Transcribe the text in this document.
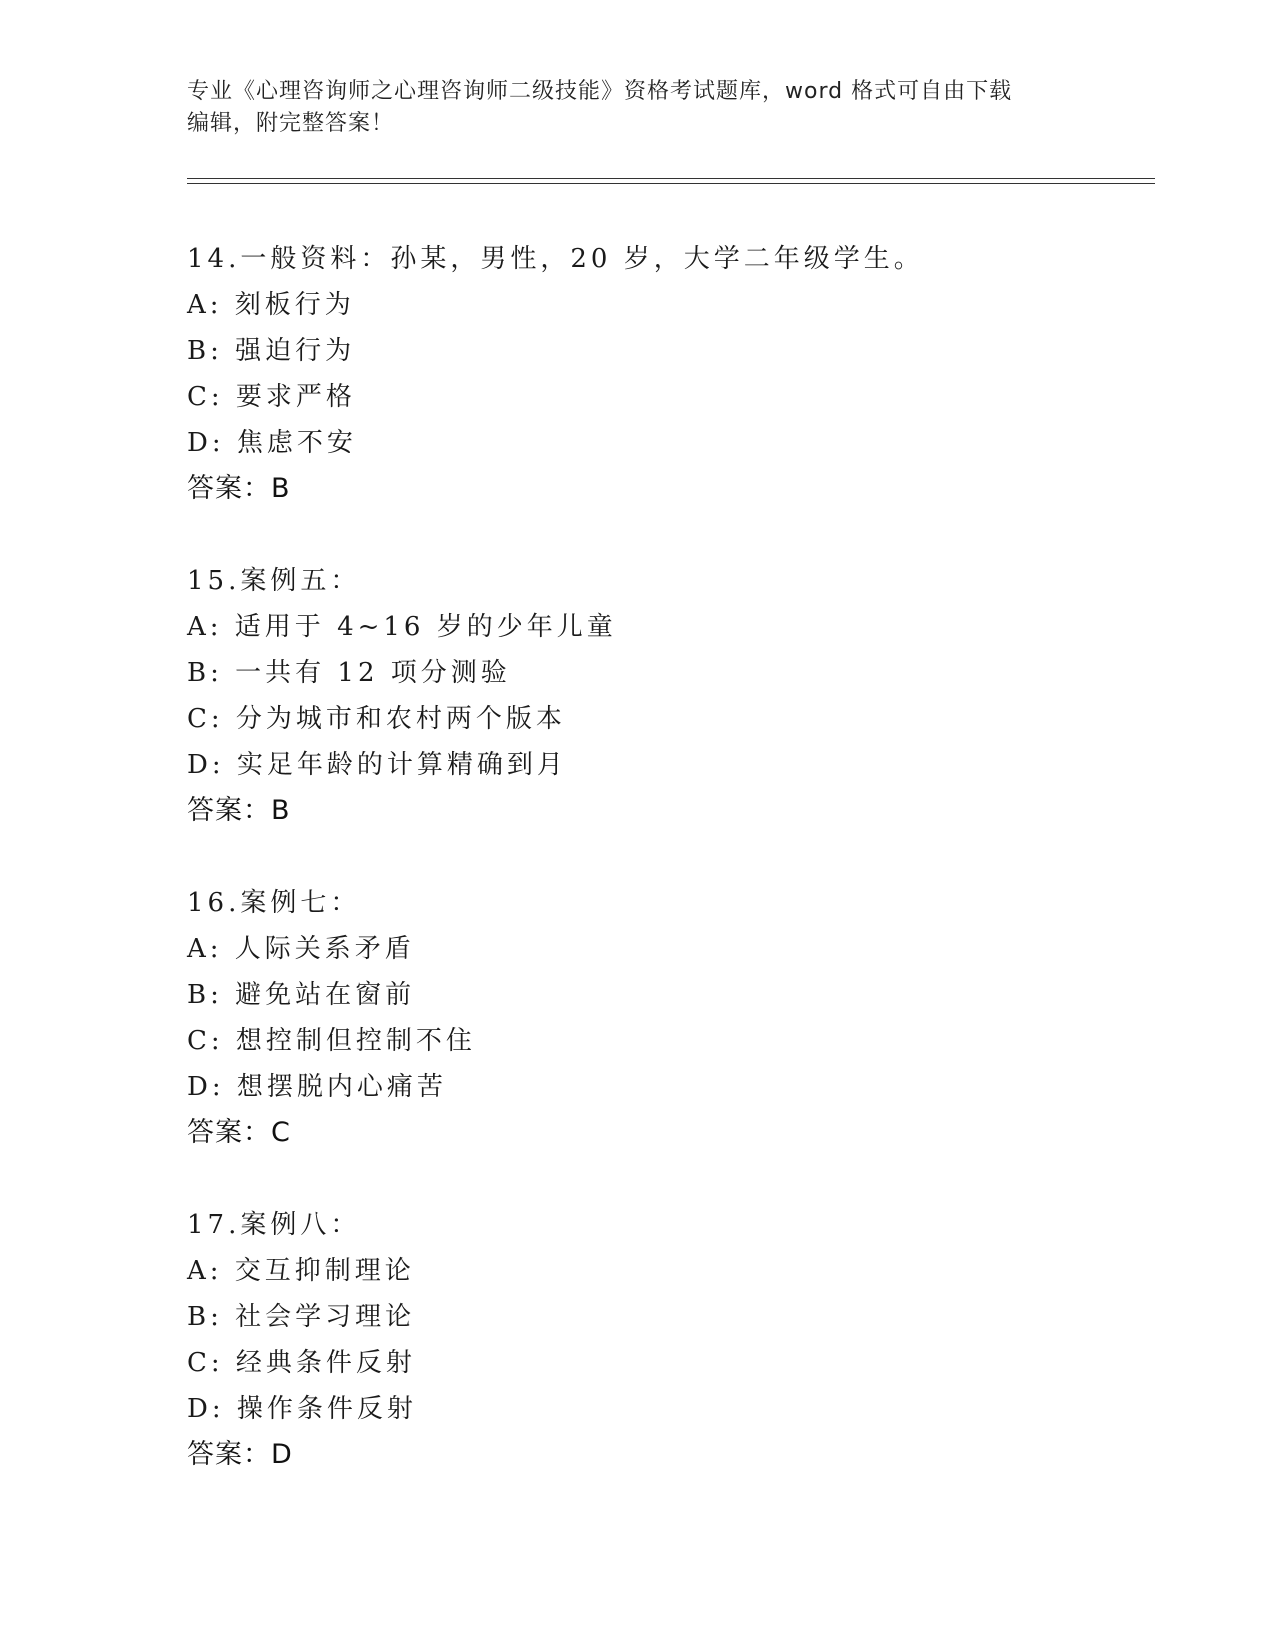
专业《心理咨询师之心理咨询师二级技能》资格考试题库，word 格式可自由下载

编辑，附完整答案！

14.一般资料：孙某，男性，20 岁，大学二年级学生。
A: 刻板行为
B: 强迫行为
C: 要求严格
D: 焦虑不安
答案：B
15.案例五：
A: 适用于 4~16 岁的少年儿童
B: 一共有 12 项分测验
C: 分为城市和农村两个版本
D: 实足年龄的计算精确到月
答案：B
16.案例七：
A: 人际关系矛盾
B: 避免站在窗前
C: 想控制但控制不住
D: 想摆脱内心痛苦
答案：C
17.案例八：
A: 交互抑制理论
B: 社会学习理论
C: 经典条件反射
D: 操作条件反射
答案：D
